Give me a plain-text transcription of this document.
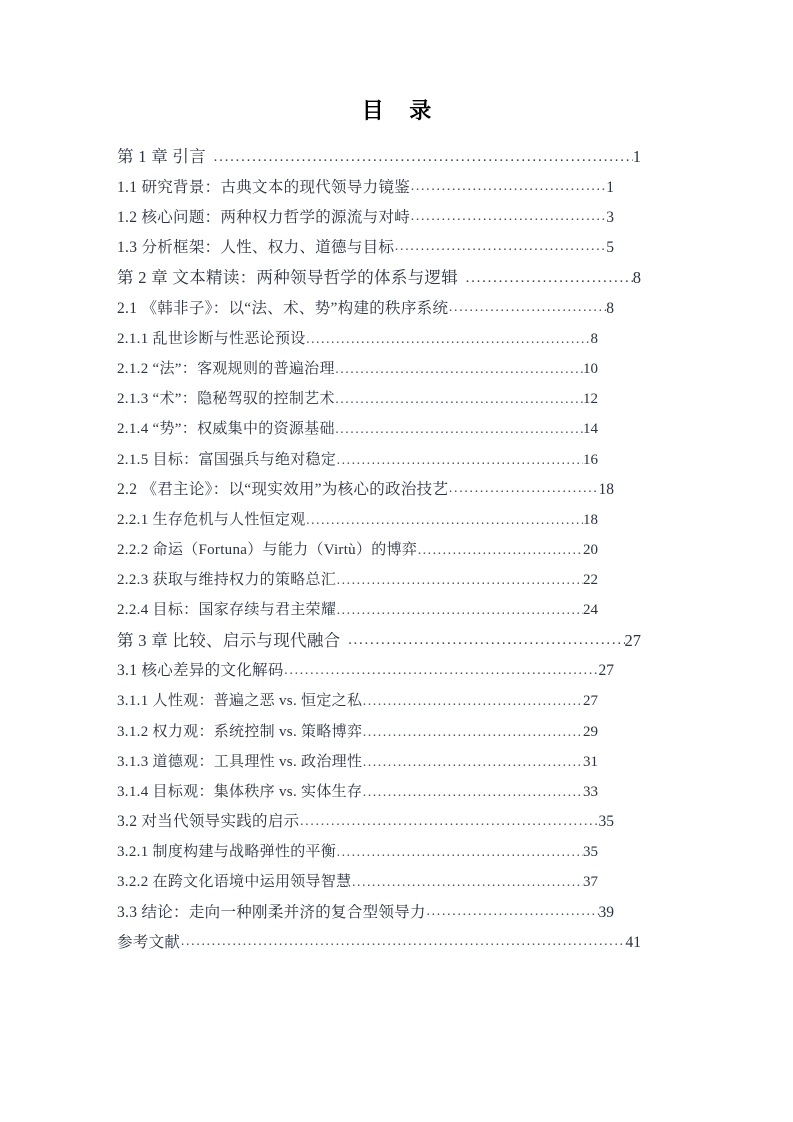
目 录
第 1 章 引言 ·····	1
1.1 研究背景：古典文本的现代领导力镜鉴 ·····	1
1.2 核心问题：两种权力哲学的源流与对峙 ·····	3
1.3 分析框架：人性、权力、道德与目标 ·····	5
第 2 章 文本精读：两种领导哲学的体系与逻辑 ·····	8
2.1 《韩非子》：以“法、术、势”构建的秩序系统 ·····	8
2.1.1 乱世诊断与性恶论预设 ·····	8
2.1.2 “法”：客观规则的普遍治理 ·····	10
2.1.3 “术”：隐秘驾驭的控制艺术 ·····	12
2.1.4 “势”：权威集中的资源基础 ·····	14
2.1.5 目标：富国强兵与绝对稳定 ·····	16
2.2 《君主论》：以“现实效用”为核心的政治技艺 ·····	18
2.2.1 生存危机与人性恒定观 ·····	18
2.2.2 命运（Fortuna）与能力（Virtù）的博弈 ·····	20
2.2.3 获取与维持权力的策略总汇 ·····	22
2.2.4 目标：国家存续与君主荣耀 ·····	24
第 3 章 比较、启示与现代融合 ·····	27
3.1 核心差异的文化解码 ·····	27
3.1.1 人性观：普遍之恶 vs. 恒定之私 ·····	27
3.1.2 权力观：系统控制 vs. 策略博弈 ·····	29
3.1.3 道德观：工具理性 vs. 政治理性 ·····	31
3.1.4 目标观：集体秩序 vs. 实体生存 ·····	33
3.2 对当代领导实践的启示 ·····	35
3.2.1 制度构建与战略弹性的平衡 ·····	35
3.2.2 在跨文化语境中运用领导智慧 ·····	37
3.3 结论：走向一种刚柔并济的复合型领导力 ·····	39
参考文献 ·····	41
